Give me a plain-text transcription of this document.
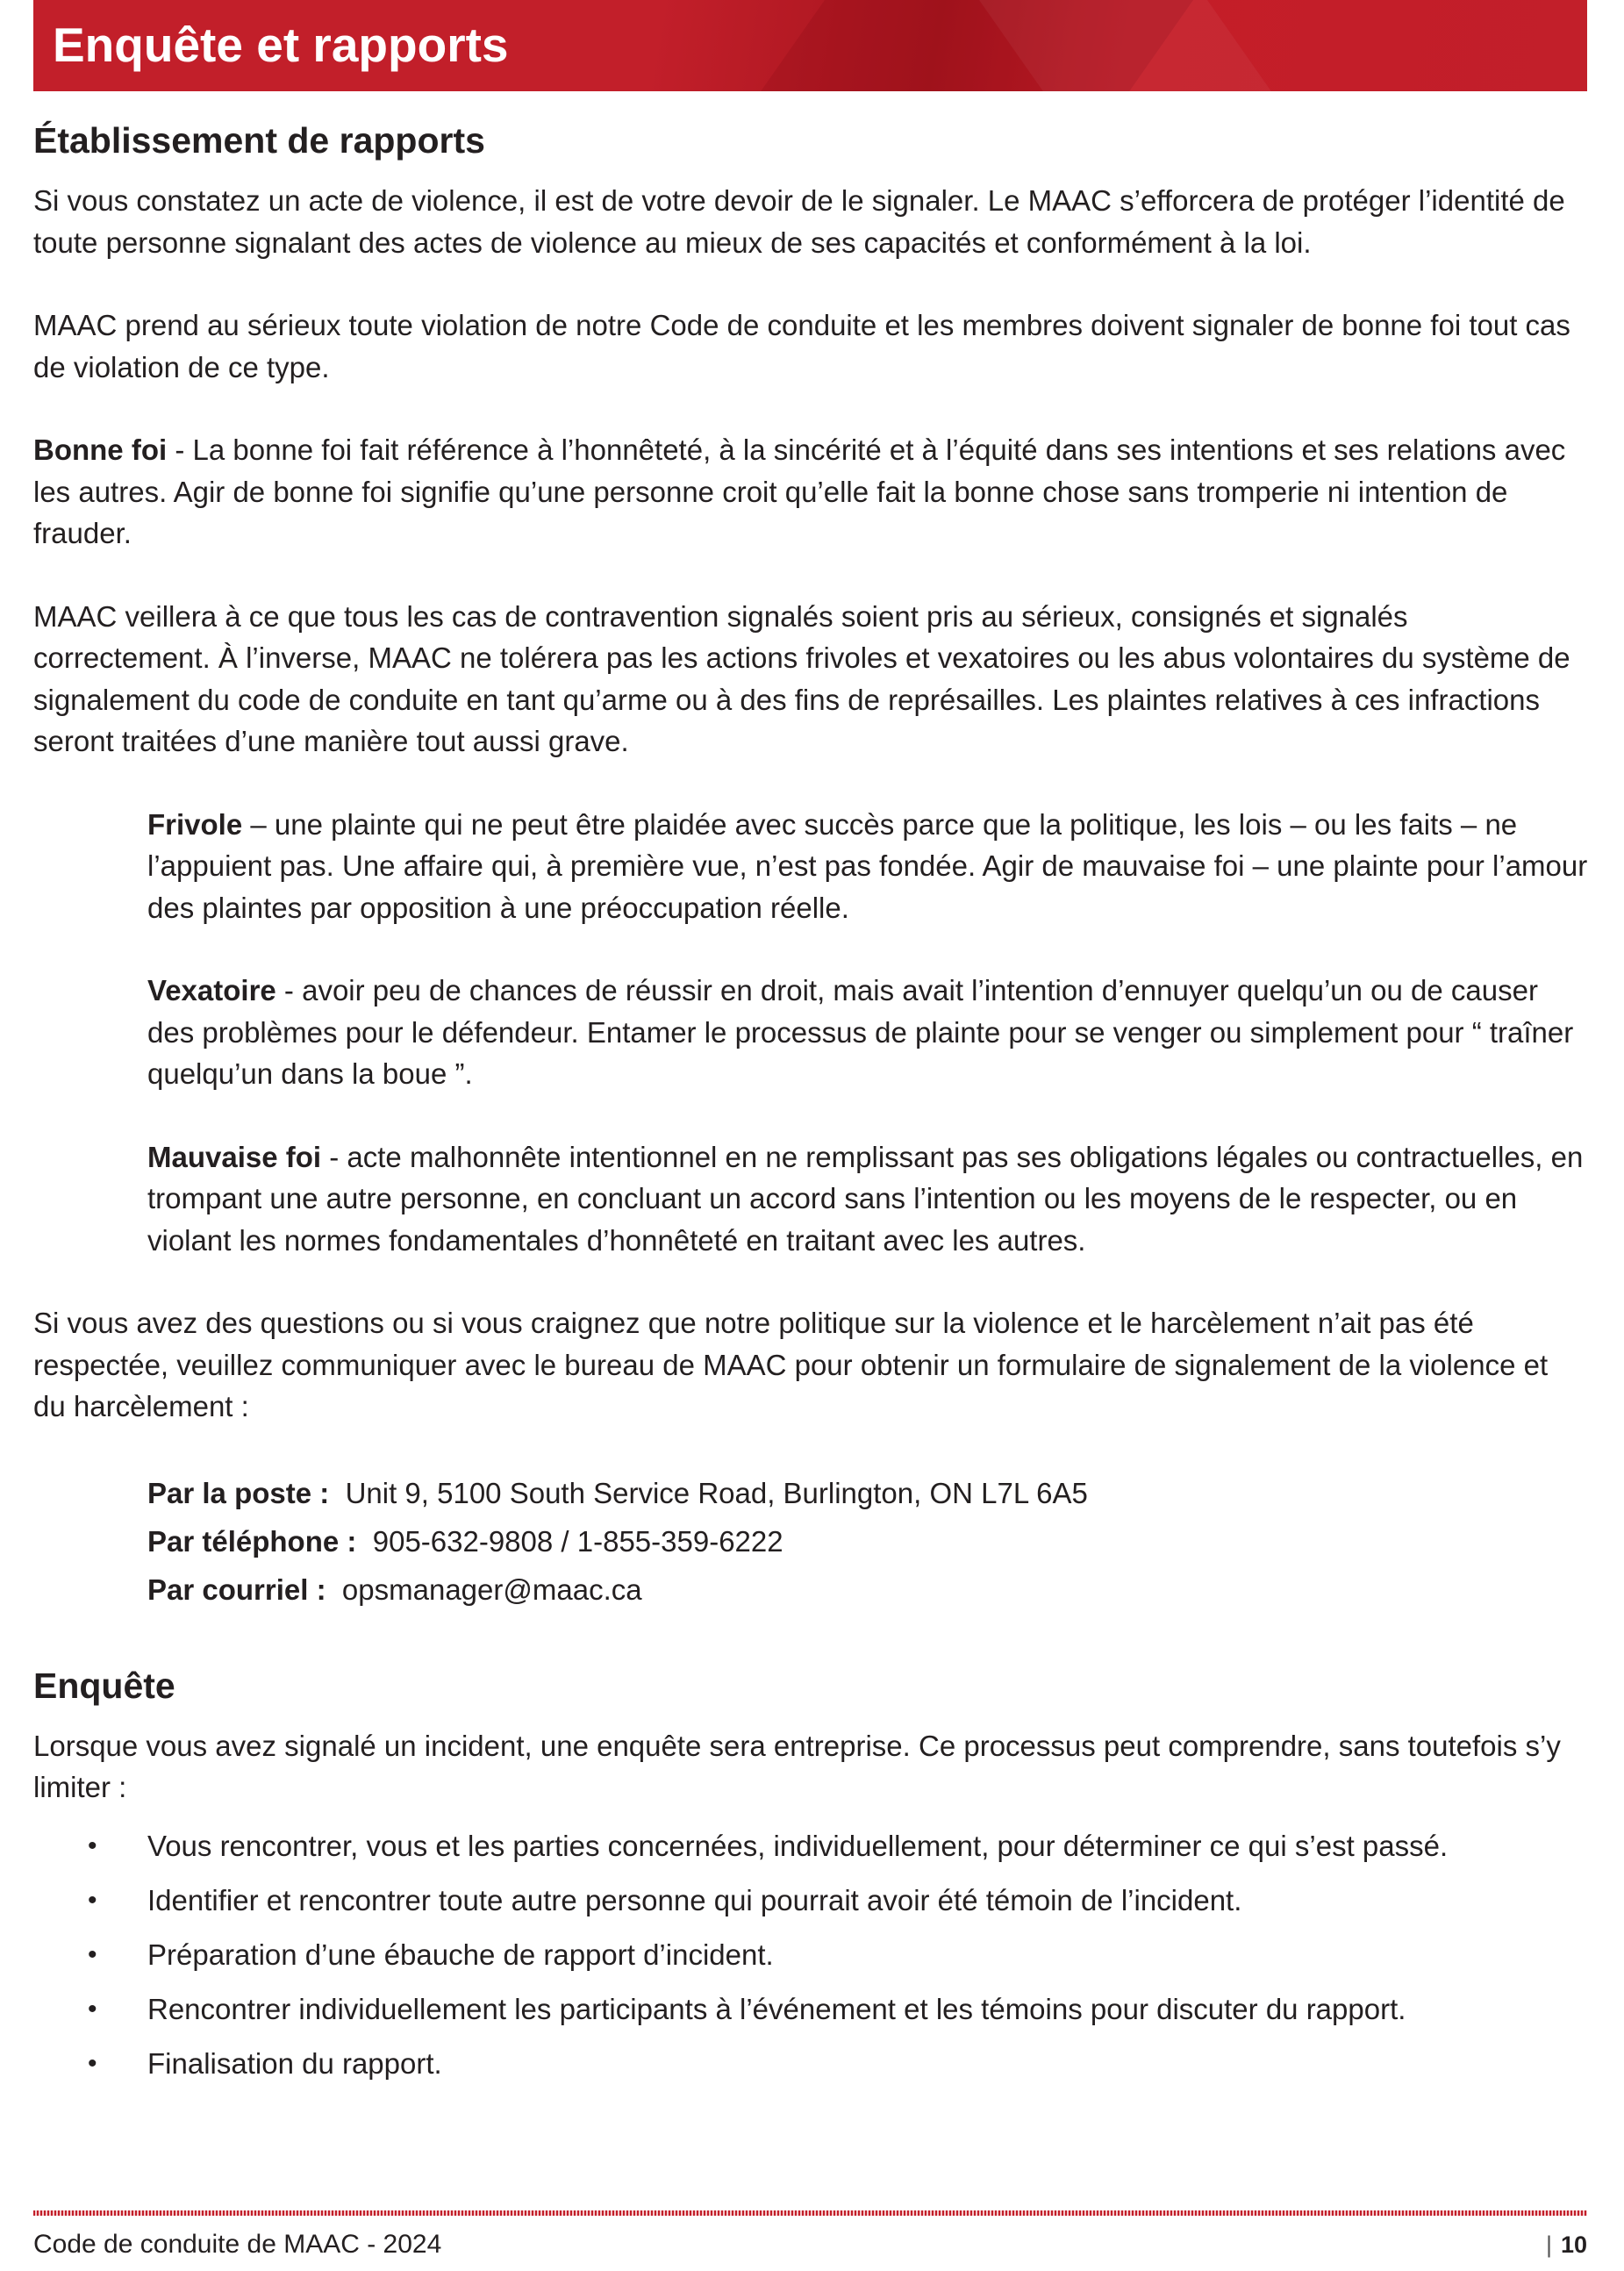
Enquête et rapports
Établissement de rapports

Si vous constatez un acte de violence, il est de votre devoir de le signaler. Le MAAC s’efforcera de protéger l’identité de toute personne signalant des actes de violence au mieux de ses capacités et conformément à la loi.

MAAC prend au sérieux toute violation de notre Code de conduite et les membres doivent signaler de bonne foi tout cas de violation de ce type.

Bonne foi - La bonne foi fait référence à l’honnêteté, à la sincérité et à l’équité dans ses intentions et ses relations avec les autres. Agir de bonne foi signifie qu’une personne croit qu’elle fait la bonne chose sans tromperie ni intention de frauder.

MAAC veillera à ce que tous les cas de contravention signalés soient pris au sérieux, consignés et signalés correctement. À l’inverse, MAAC ne tolérera pas les actions frivoles et vexatoires ou les abus volontaires du système de signalement du code de conduite en tant qu’arme ou à des fins de représailles. Les plaintes relatives à ces infractions seront traitées d’une manière tout aussi grave.

Frivole – une plainte qui ne peut être plaidée avec succès parce que la politique, les lois – ou les faits – ne l’appuient pas. Une affaire qui, à première vue, n’est pas fondée. Agir de mauvaise foi – une plainte pour l’amour des plaintes par opposition à une préoccupation réelle.

Vexatoire - avoir peu de chances de réussir en droit, mais avait l’intention d’ennuyer quelqu’un ou de causer des problèmes pour le défendeur. Entamer le processus de plainte pour se venger ou simplement pour “ traîner quelqu’un dans la boue ”.

Mauvaise foi - acte malhonnête intentionnel en ne remplissant pas ses obligations légales ou contractuelles, en trompant une autre personne, en concluant un accord sans l’intention ou les moyens de le respecter, ou en violant les normes fondamentales d’honnêteté en traitant avec les autres.

Si vous avez des questions ou si vous craignez que notre politique sur la violence et le harcèlement n’ait pas été respectée, veuillez communiquer avec le bureau de MAAC pour obtenir un formulaire de signalement de la violence et du harcèlement :

Par la poste : Unit 9, 5100 South Service Road, Burlington, ON L7L 6A5
Par téléphone : 905-632-9808 / 1-855-359-6222
Par courriel : opsmanager@maac.ca
Enquête

Lorsque vous avez signalé un incident, une enquête sera entreprise. Ce processus peut comprendre, sans toutefois s’y limiter :

• Vous rencontrer, vous et les parties concernées, individuellement, pour déterminer ce qui s’est passé.
• Identifier et rencontrer toute autre personne qui pourrait avoir été témoin de l’incident.
• Préparation d’une ébauche de rapport d’incident.
• Rencontrer individuellement les participants à l’événement et les témoins pour discuter du rapport.
• Finalisation du rapport.
Code de conduite de MAAC - 2024	| 10
